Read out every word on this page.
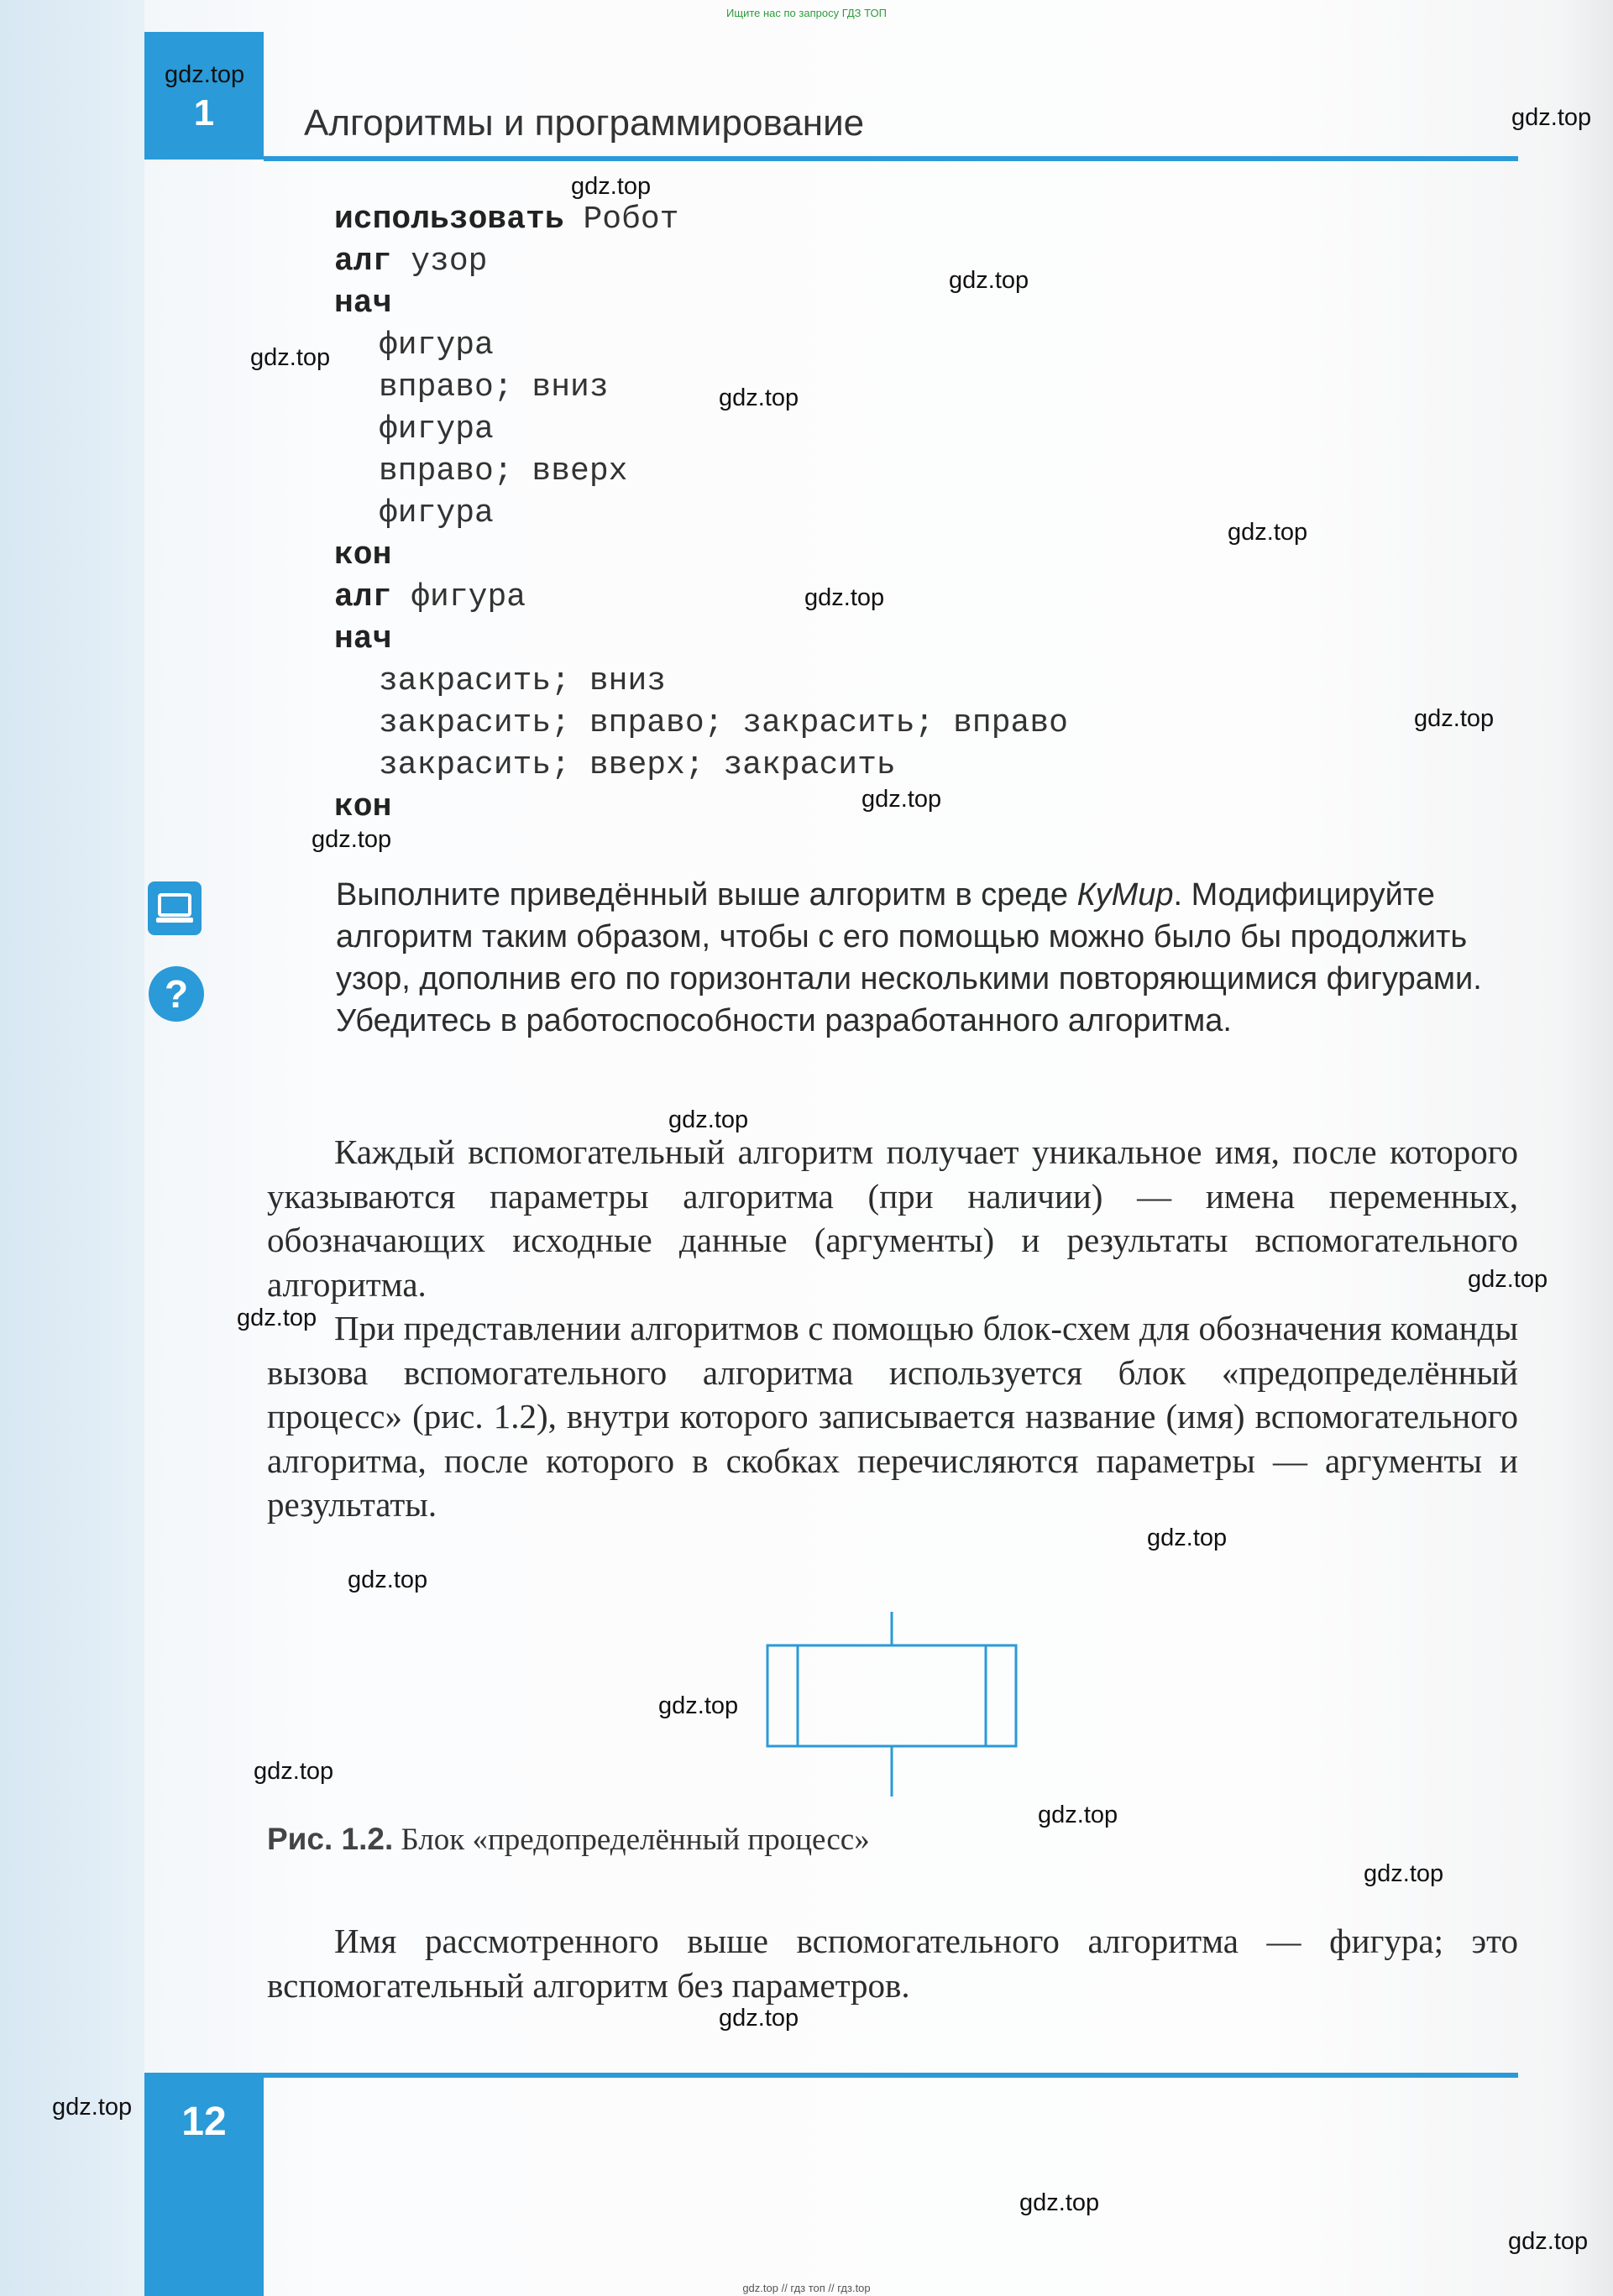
Ищите нас по запросу ГДЗ ТОП
1	Алгоритмы и программирование
использовать Робот
алг узор
нач
фигура
вправо; вниз
фигура
вправо; вверх
фигура
кон
алг фигура
нач
закрасить; вниз
закрасить; вправо; закрасить; вправо
закрасить; вверх; закрасить
кон
?
Выполните приведённый выше алгоритм в среде КуМир. Модифицируйте алгоритм таким образом, чтобы с его помощью можно было бы продолжить узор, дополнив его по горизонтали несколькими повторяющимися фигурами. Убедитесь в работоспособности разработанного алгоритма.
Каждый вспомогательный алгоритм получает уникальное имя, после которого указываются параметры алгоритма (при наличии) — имена переменных, обозначающих исходные данные (аргументы) и результаты вспомогательного алгоритма.
При представлении алгоритмов с помощью блок-схем для обозначения команды вызова вспомогательного алгоритма используется блок «предопределённый процесс» (рис. 1.2), внутри которого записывается название (имя) вспомогательного алгоритма, после которого в скобках перечисляются параметры — аргументы и результаты.
Рис. 1.2. Блок «предопределённый процесс»
Имя рассмотренного выше вспомогательного алгоритма — фигура; это вспомогательный алгоритм без параметров.
12
gdz.top
gdz.top
gdz.top
gdz.top
gdz.top
gdz.top
gdz.top
gdz.top
gdz.top
gdz.top
gdz.top
gdz.top
gdz.top
gdz.top
gdz.top
gdz.top
gdz.top
gdz.top
gdz.top
gdz.top
gdz.top
gdz.top
gdz.top
gdz.top
gdz.top // гдз топ // гдз.top
